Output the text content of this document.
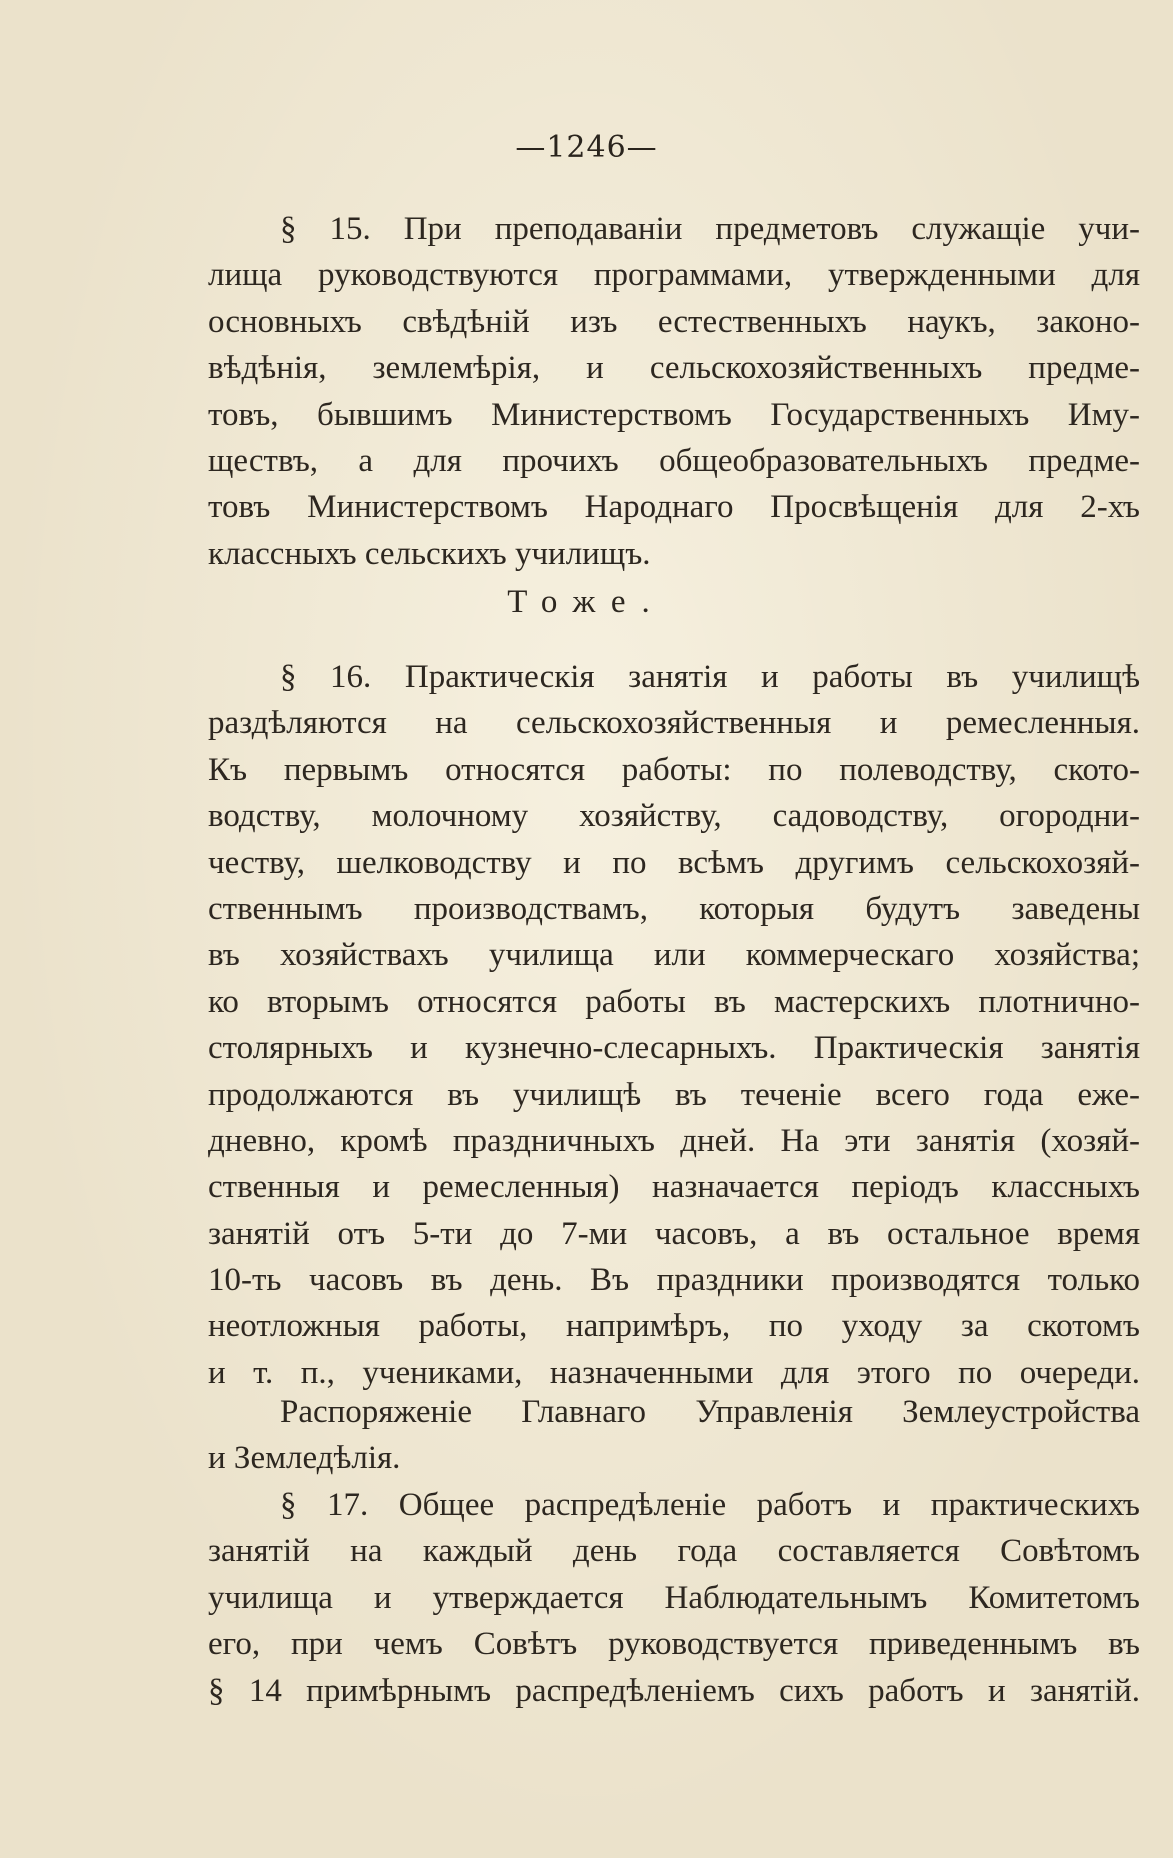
—1246—
§ 15. При преподаваніи предметовъ служащіе учи-
лища руководствуются программами, утвержденными для
основныхъ свѣдѣній изъ естественныхъ наукъ, законо-
вѣдѣнія, землемѣрія, и сельскохозяйственныхъ предме-
товъ, бывшимъ Министерствомъ Государственныхъ Иму-
ществъ, а для прочихъ общеобразовательныхъ предме-
товъ Министерствомъ Народнаго Просвѣщенія для 2-хъ
классныхъ сельскихъ училищъ.
Тоже.
§ 16. Практическія занятія и работы въ училищѣ
раздѣляются на сельскохозяйственныя и ремесленныя.
Къ первымъ относятся работы: по полеводству, ското-
водству, молочному хозяйству, садоводству, огородни-
честву, шелководству и по всѣмъ другимъ сельскохозяй-
ственнымъ производствамъ, которыя будутъ заведены
въ хозяйствахъ училища или коммерческаго хозяйства;
ко вторымъ относятся работы въ мастерскихъ плотнично-
столярныхъ и кузнечно-слесарныхъ. Практическія занятія
продолжаются въ училищѣ въ теченіе всего года еже-
дневно, кромѣ праздничныхъ дней. На эти занятія (хозяй-
ственныя и ремесленныя) назначается періодъ классныхъ
занятій отъ 5-ти до 7-ми часовъ, а въ остальное время
10-ть часовъ въ день. Въ праздники производятся только
неотложныя работы, напримѣръ, по уходу за скотомъ
и т. п., учениками, назначенными для этого по очереди.
Распоряженіе Главнаго Управленія Землеустройства
и Земледѣлія.
§ 17. Общее распредѣленіе работъ и практическихъ
занятій на каждый день года составляется Совѣтомъ
училища и утверждается Наблюдательнымъ Комитетомъ
его, при чемъ Совѣтъ руководствуется приведеннымъ въ
§ 14 примѣрнымъ распредѣленіемъ сихъ работъ и занятій.
